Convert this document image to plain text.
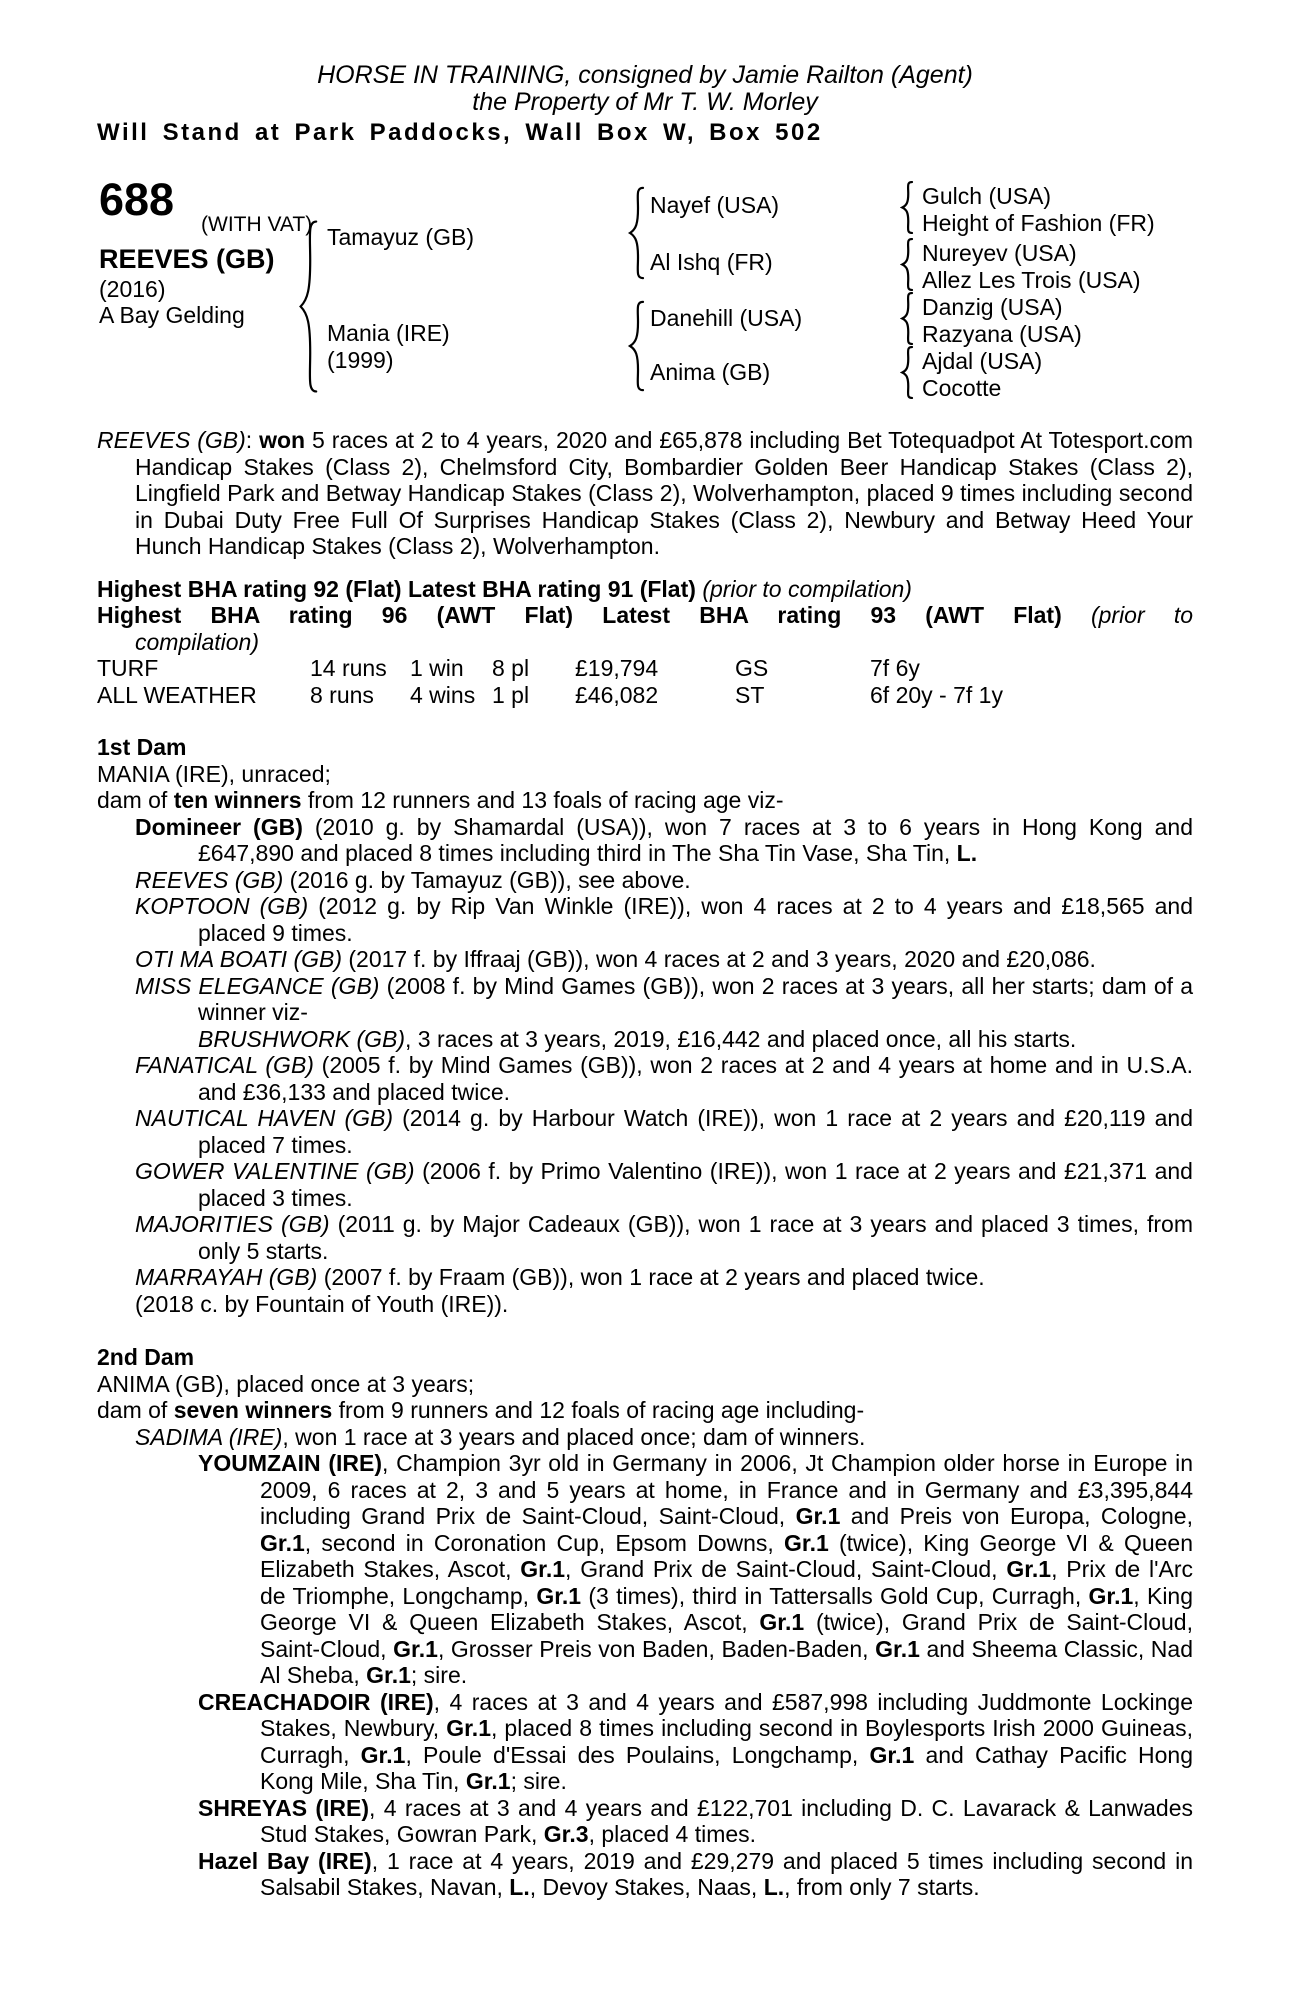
HORSE IN TRAINING, consigned by Jamie Railton (Agent)
the Property of Mr T. W. Morley
Will Stand at Park Paddocks, Wall Box W, Box 502
688 (WITH VAT)
REEVES (GB)
(2016)
A Bay Gelding
Tamayuz (GB)
Mania (IRE)
(1999)
Nayef (USA)
Al Ishq (FR)
Danehill (USA)
Anima (GB)
Gulch (USA)
Height of Fashion (FR)
Nureyev (USA)
Allez Les Trois (USA)
Danzig (USA)
Razyana (USA)
Ajdal (USA)
Cocotte
REEVES (GB): won 5 races at 2 to 4 years, 2020 and £65,878 including Bet Totequadpot At Totesport.com Handicap Stakes (Class 2), Chelmsford City, Bombardier Golden Beer Handicap Stakes (Class 2), Lingfield Park and Betway Handicap Stakes (Class 2), Wolverhampton, placed 9 times including second in Dubai Duty Free Full Of Surprises Handicap Stakes (Class 2), Newbury and Betway Heed Your Hunch Handicap Stakes (Class 2), Wolverhampton.
Highest BHA rating 92 (Flat) Latest BHA rating 91 (Flat) (prior to compilation)
Highest BHA rating 96 (AWT Flat) Latest BHA rating 93 (AWT Flat) (prior to
compilation)
TURF	14 runs 1 win 8 pl £19,794	GS	7f 6y
ALL WEATHER 8 runs 4 wins 1 pl £46,082	ST	6f 20y - 7f 1y
1st Dam
MANIA (IRE), unraced;
dam of ten winners from 12 runners and 13 foals of racing age viz-
Domineer (GB) (2010 g. by Shamardal (USA)), won 7 races at 3 to 6 years in Hong Kong and £647,890 and placed 8 times including third in The Sha Tin Vase, Sha Tin, L.
REEVES (GB) (2016 g. by Tamayuz (GB)), see above.
KOPTOON (GB) (2012 g. by Rip Van Winkle (IRE)), won 4 races at 2 to 4 years and £18,565 and placed 9 times.
OTI MA BOATI (GB) (2017 f. by Iffraaj (GB)), won 4 races at 2 and 3 years, 2020 and £20,086.
MISS ELEGANCE (GB) (2008 f. by Mind Games (GB)), won 2 races at 3 years, all her starts; dam of a winner viz-
BRUSHWORK (GB), 3 races at 3 years, 2019, £16,442 and placed once, all his starts.
FANATICAL (GB) (2005 f. by Mind Games (GB)), won 2 races at 2 and 4 years at home and in U.S.A. and £36,133 and placed twice.
NAUTICAL HAVEN (GB) (2014 g. by Harbour Watch (IRE)), won 1 race at 2 years and £20,119 and placed 7 times.
GOWER VALENTINE (GB) (2006 f. by Primo Valentino (IRE)), won 1 race at 2 years and £21,371 and placed 3 times.
MAJORITIES (GB) (2011 g. by Major Cadeaux (GB)), won 1 race at 3 years and placed 3 times, from only 5 starts.
MARRAYAH (GB) (2007 f. by Fraam (GB)), won 1 race at 2 years and placed twice.
(2018 c. by Fountain of Youth (IRE)).
2nd Dam
ANIMA (GB), placed once at 3 years;
dam of seven winners from 9 runners and 12 foals of racing age including-
SADIMA (IRE), won 1 race at 3 years and placed once; dam of winners.
YOUMZAIN (IRE), Champion 3yr old in Germany in 2006, Jt Champion older horse in Europe in 2009, 6 races at 2, 3 and 5 years at home, in France and in Germany and £3,395,844 including Grand Prix de Saint-Cloud, Saint-Cloud, Gr.1 and Preis von Europa, Cologne, Gr.1, second in Coronation Cup, Epsom Downs, Gr.1 (twice), King George VI & Queen Elizabeth Stakes, Ascot, Gr.1, Grand Prix de Saint-Cloud, Saint-Cloud, Gr.1, Prix de l'Arc de Triomphe, Longchamp, Gr.1 (3 times), third in Tattersalls Gold Cup, Curragh, Gr.1, King George VI & Queen Elizabeth Stakes, Ascot, Gr.1 (twice), Grand Prix de Saint-Cloud, Saint-Cloud, Gr.1, Grosser Preis von Baden, Baden-Baden, Gr.1 and Sheema Classic, Nad Al Sheba, Gr.1; sire.
CREACHADOIR (IRE), 4 races at 3 and 4 years and £587,998 including Juddmonte Lockinge Stakes, Newbury, Gr.1, placed 8 times including second in Boylesports Irish 2000 Guineas, Curragh, Gr.1, Poule d'Essai des Poulains, Longchamp, Gr.1 and Cathay Pacific Hong Kong Mile, Sha Tin, Gr.1; sire.
SHREYAS (IRE), 4 races at 3 and 4 years and £122,701 including D. C. Lavarack & Lanwades Stud Stakes, Gowran Park, Gr.3, placed 4 times.
Hazel Bay (IRE), 1 race at 4 years, 2019 and £29,279 and placed 5 times including second in Salsabil Stakes, Navan, L., Devoy Stakes, Naas, L., from only 7 starts.
